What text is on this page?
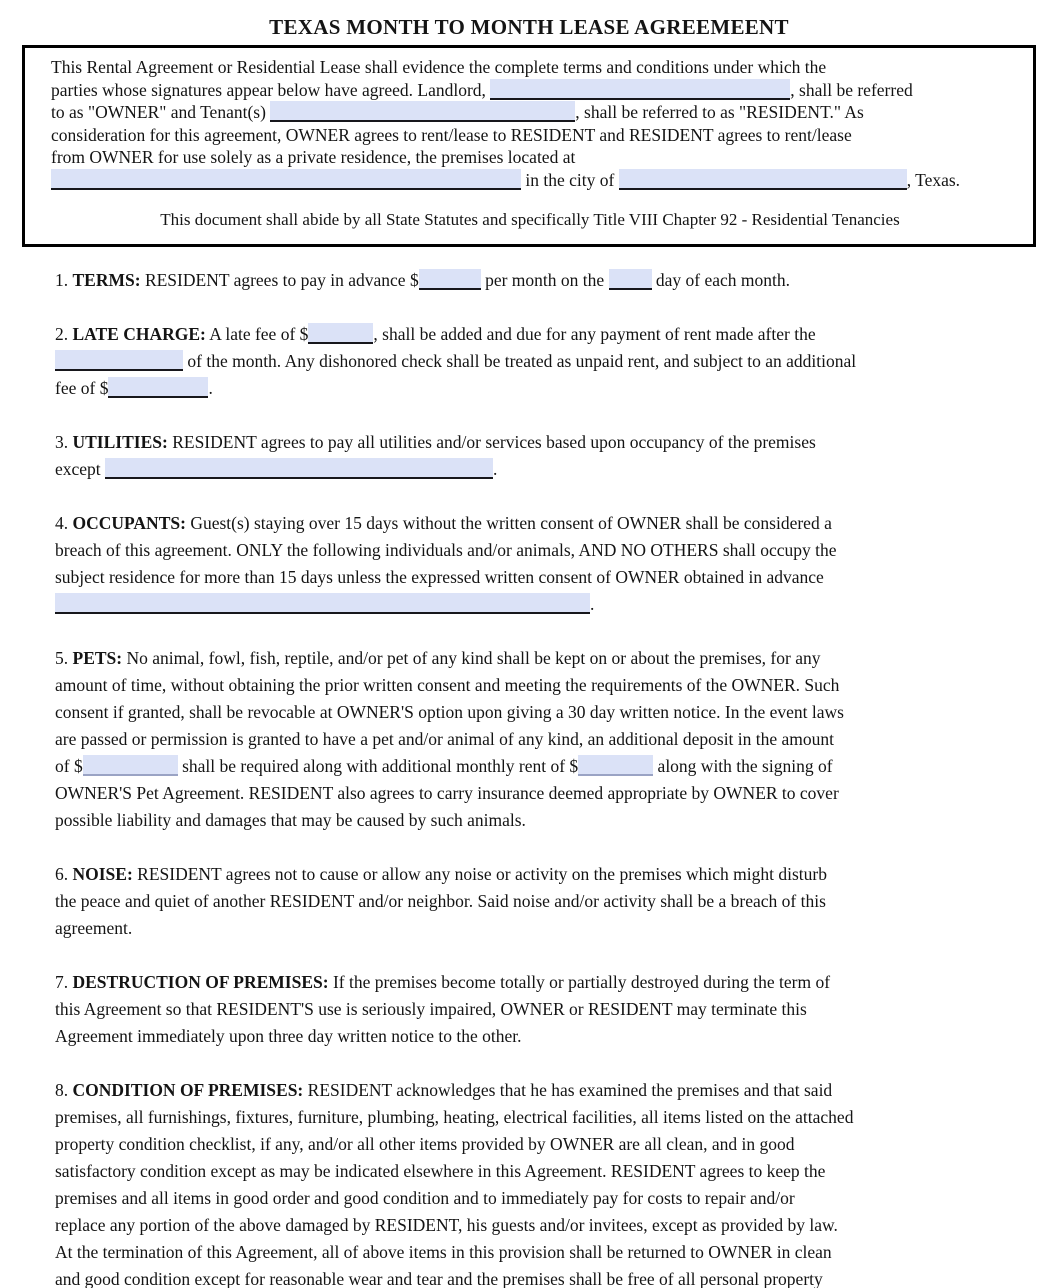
TEXAS MONTH TO MONTH LEASE AGREEMEENT
This Rental Agreement or Residential Lease shall evidence the complete terms and conditions under which the
parties whose signatures appear below have agreed. Landlord,	, shall be referred
to as "OWNER" and Tenant(s)	, shall be referred to as "RESIDENT." As
consideration for this agreement, OWNER agrees to rent/lease to RESIDENT and RESIDENT agrees to rent/lease
from OWNER for use solely as a private residence, the premises located at
in the city of	, Texas.
This document shall abide by all State Statutes and specifically Title VIII Chapter 92 - Residential Tenancies
1. TERMS: RESIDENT agrees to pay in advance $	per month on the  day of each month.
2. LATE CHARGE: A late fee of $	, shall be added and due for any payment of rent made after the
of the month. Any dishonored check shall be treated as unpaid rent, and subject to an additional
fee of $	.
3. UTILITIES: RESIDENT agrees to pay all utilities and/or services based upon occupancy of the premises
except	.
4. OCCUPANTS: Guest(s) staying over 15 days without the written consent of OWNER shall be considered a
breach of this agreement. ONLY the following individuals and/or animals, AND NO OTHERS shall occupy the
subject residence for more than 15 days unless the expressed written consent of OWNER obtained in advance
.
5. PETS: No animal, fowl, fish, reptile, and/or pet of any kind shall be kept on or about the premises, for any
amount of time, without obtaining the prior written consent and meeting the requirements of the OWNER. Such
consent if granted, shall be revocable at OWNER'S option upon giving a 30 day written notice. In the event laws
are passed or permission is granted to have a pet and/or animal of any kind, an additional deposit in the amount
of $	shall be required along with additional monthly rent of $	along with the signing of
OWNER'S Pet Agreement. RESIDENT also agrees to carry insurance deemed appropriate by OWNER to cover
possible liability and damages that may be caused by such animals.
6. NOISE: RESIDENT agrees not to cause or allow any noise or activity on the premises which might disturb
the peace and quiet of another RESIDENT and/or neighbor. Said noise and/or activity shall be a breach of this
agreement.
7. DESTRUCTION OF PREMISES: If the premises become totally or partially destroyed during the term of
this Agreement so that RESIDENT'S use is seriously impaired, OWNER or RESIDENT may terminate this
Agreement immediately upon three day written notice to the other.
8. CONDITION OF PREMISES: RESIDENT acknowledges that he has examined the premises and that said
premises, all furnishings, fixtures, furniture, plumbing, heating, electrical facilities, all items listed on the attached
property condition checklist, if any, and/or all other items provided by OWNER are all clean, and in good
satisfactory condition except as may be indicated elsewhere in this Agreement. RESIDENT agrees to keep the
premises and all items in good order and good condition and to immediately pay for costs to repair and/or
replace any portion of the above damaged by RESIDENT, his guests and/or invitees, except as provided by law.
At the termination of this Agreement, all of above items in this provision shall be returned to OWNER in clean
and good condition except for reasonable wear and tear and the premises shall be free of all personal property
